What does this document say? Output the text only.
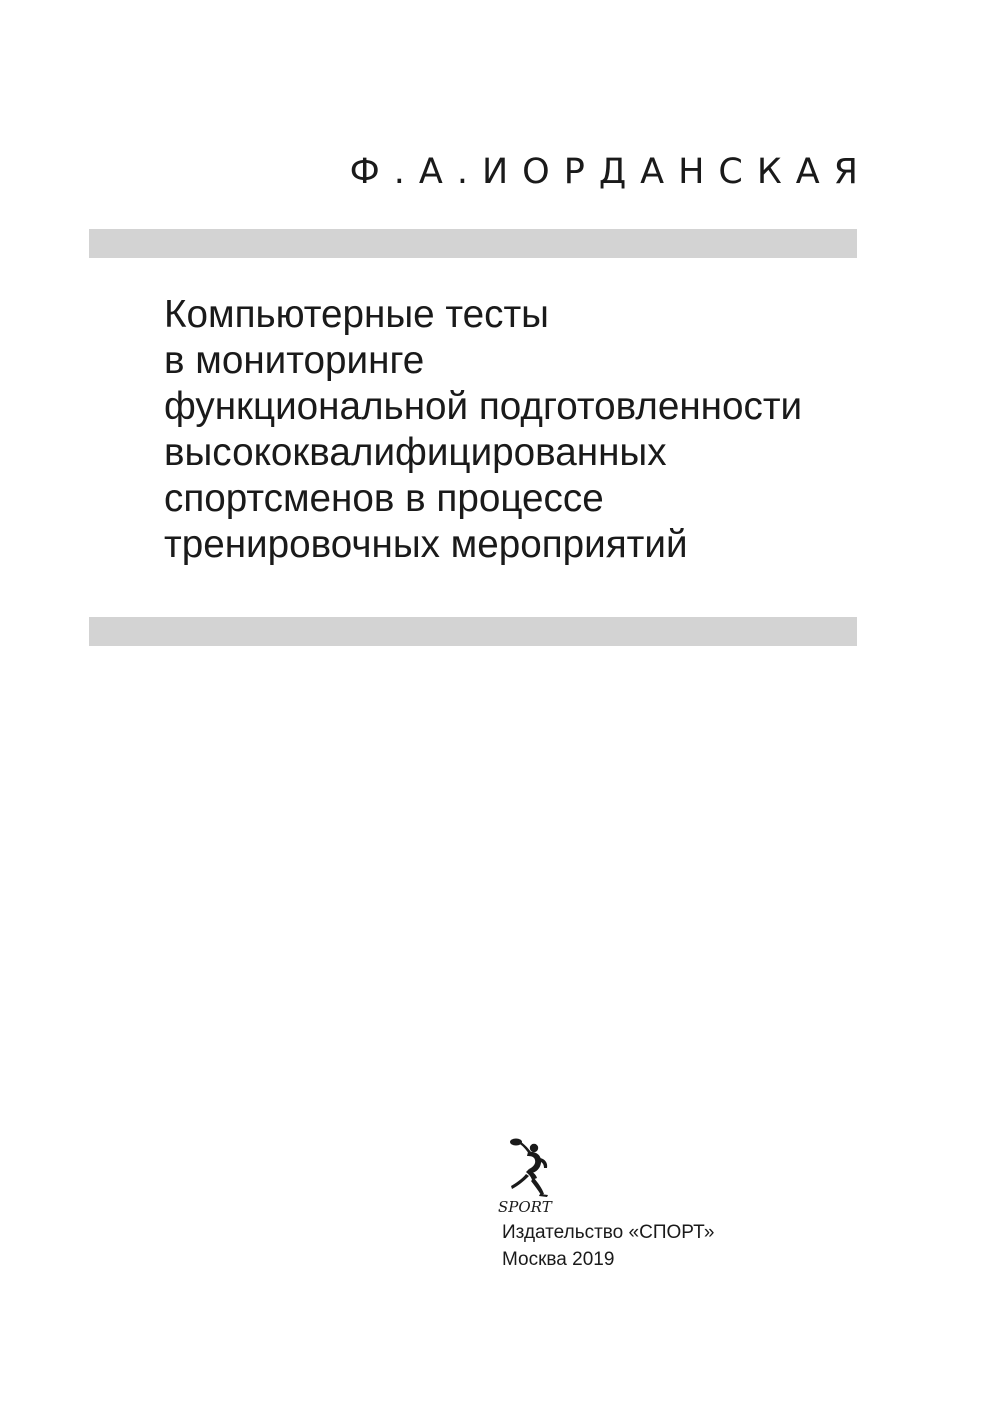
Ф.А.ИОРДАНСКАЯ
Компьютерные тесты
в мониторинге
функциональной подготовленности
высококвалифицированных
спортсменов в процессе
тренировочных мероприятий
SPORT
Издательство «СПОРТ»
Москва 2019
